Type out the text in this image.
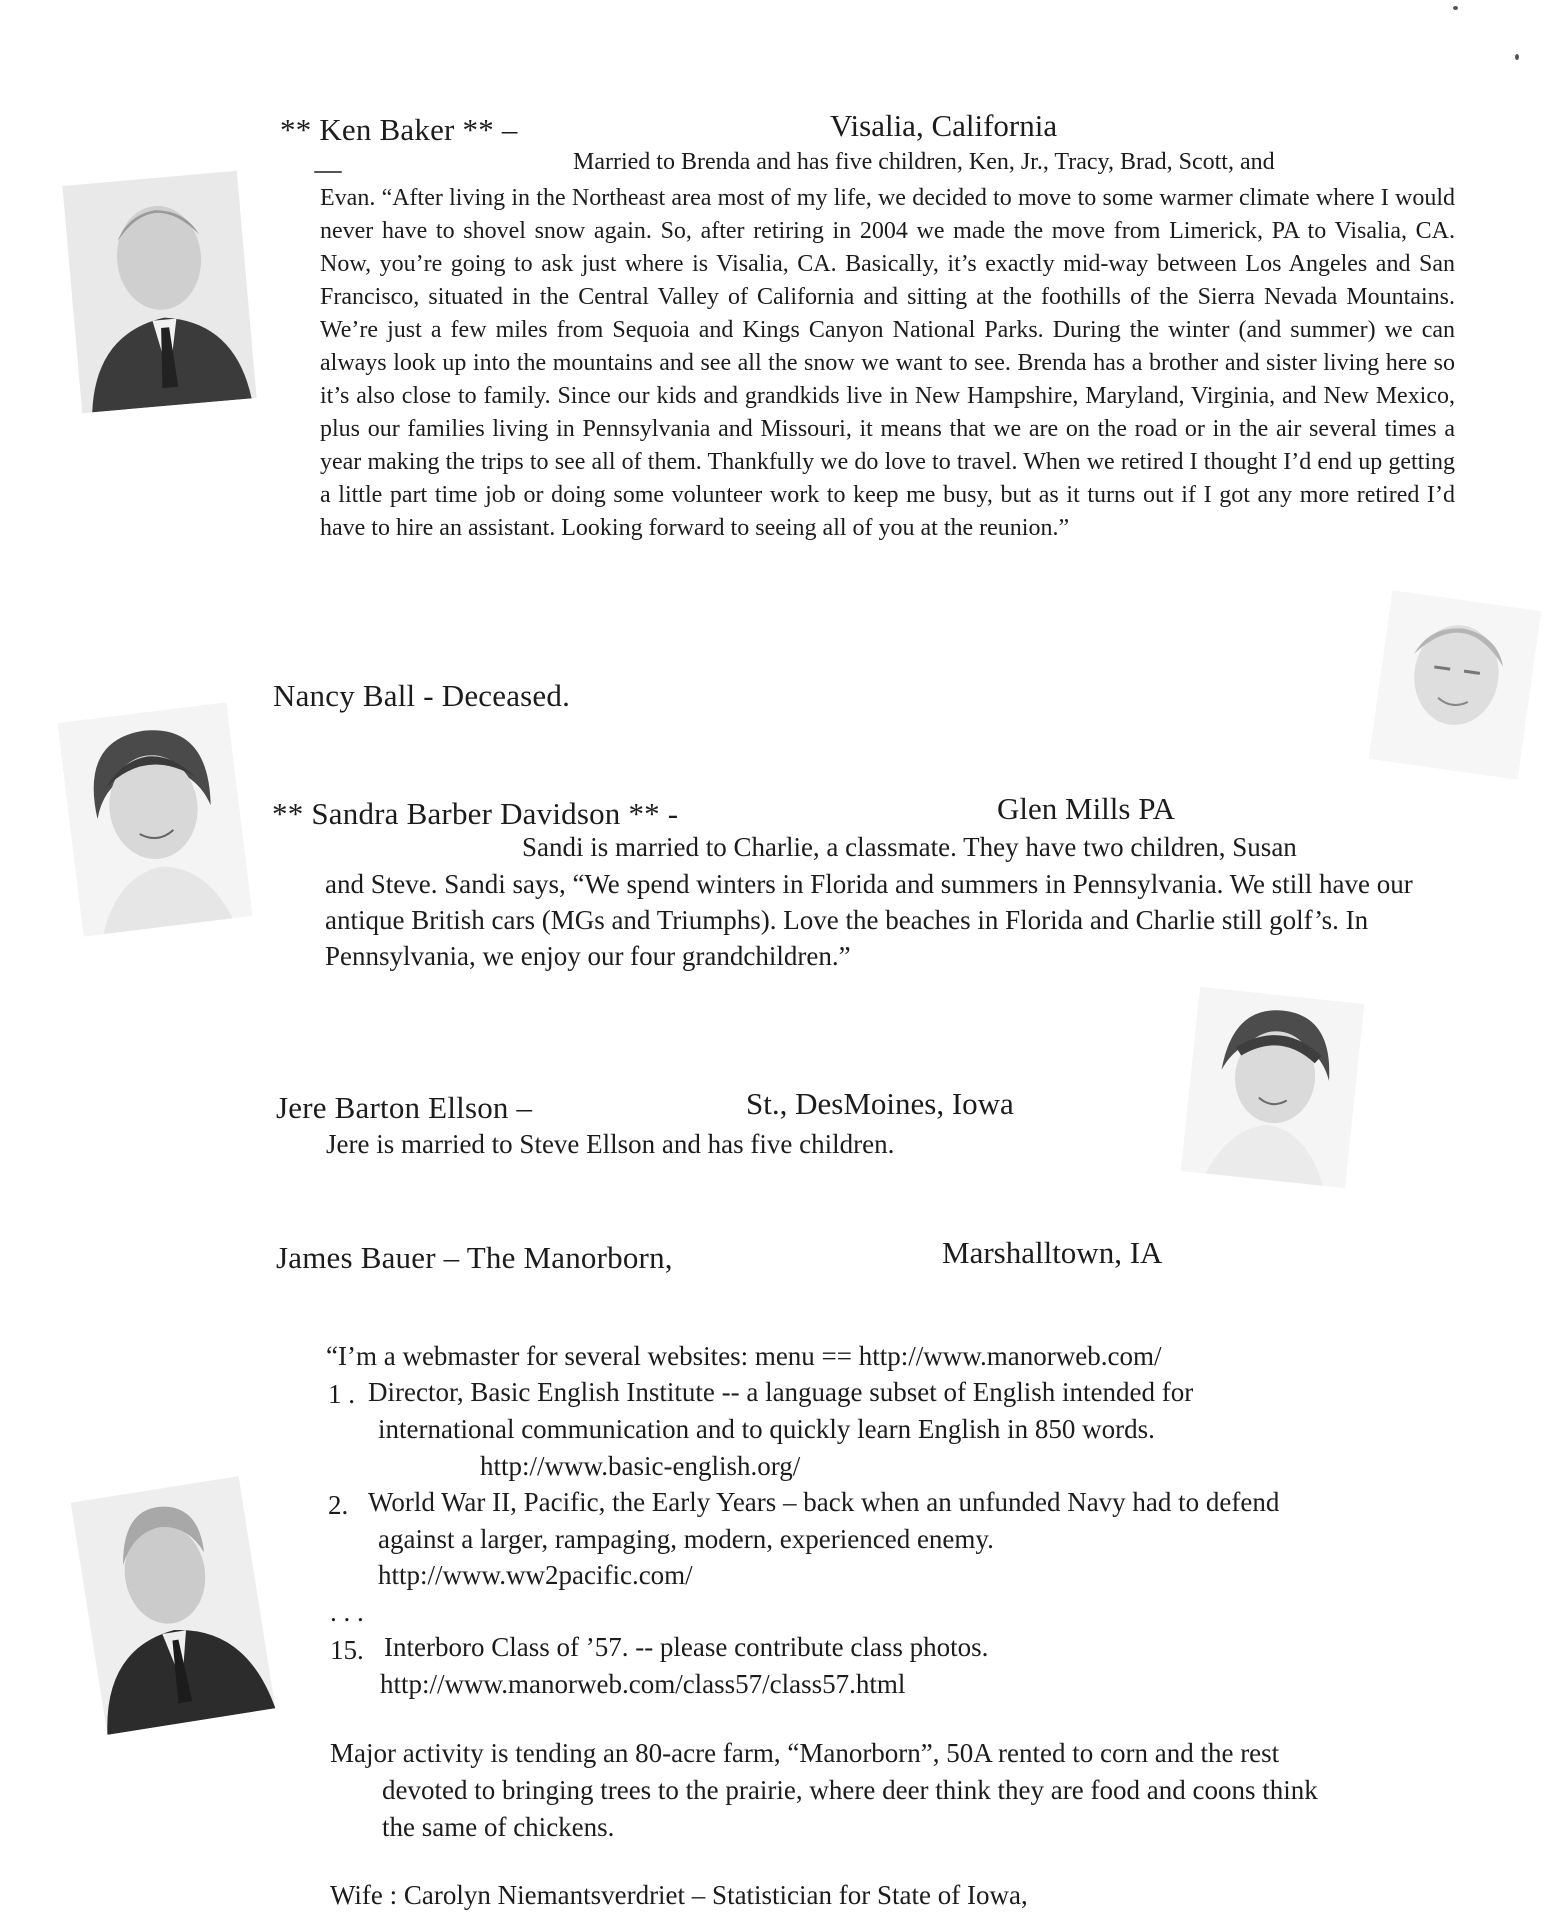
** Ken Baker ** –	Visalia, California
Married to Brenda and has five children, Ken, Jr., Tracy, Brad, Scott, and
Evan. “After living in the Northeast area most of my life, we decided to move to some warmer climate where I would never have to shovel snow again. So, after retiring in 2004 we made the move from Limerick, PA to Visalia, CA. Now, you’re going to ask just where is Visalia, CA. Basically, it’s exactly mid-way between Los Angeles and San Francisco, situated in the Central Valley of California and sitting at the foothills of the Sierra Nevada Mountains. We’re just a few miles from Sequoia and Kings Canyon National Parks. During the winter (and summer) we can always look up into the mountains and see all the snow we want to see. Brenda has a brother and sister living here so it’s also close to family. Since our kids and grandkids live in New Hampshire, Maryland, Virginia, and New Mexico, plus our families living in Pennsylvania and Missouri, it means that we are on the road or in the air several times a year making the trips to see all of them. Thankfully we do love to travel. When we retired I thought I’d end up getting a little part time job or doing some volunteer work to keep me busy, but as it turns out if I got any more retired I’d have to hire an assistant. Looking forward to seeing all of you at the reunion.”
Nancy Ball - Deceased.
** Sandra Barber Davidson ** -	Glen Mills PA
Sandi is married to Charlie, a classmate. They have two children, Susan
and Steve. Sandi says, “We spend winters in Florida and summers in Pennsylvania. We still have our antique British cars (MGs and Triumphs). Love the beaches in Florida and Charlie still golf’s. In Pennsylvania, we enjoy our four grandchildren.”
Jere Barton Ellson –	St., DesMoines, Iowa
Jere is married to Steve Ellson and has five children.
James Bauer – The Manorborn,	Marshalltown, IA
“I’m a webmaster for several websites: menu == http://www.manorweb.com/
1 . Director, Basic English Institute -- a language subset of English intended for
international communication and to quickly learn English in 850 words.
http://www.basic-english.org/
2. World War II, Pacific, the Early Years – back when an unfunded Navy had to defend
against a larger, rampaging, modern, experienced enemy.
http://www.ww2pacific.com/
. . .
15. Interboro Class of ’57. -- please contribute class photos.
http://www.manorweb.com/class57/class57.html
Major activity is tending an 80-acre farm, “Manorborn”, 50A rented to corn and the rest
devoted to bringing trees to the prairie, where deer think they are food and coons think
the same of chickens.
Wife : Carolyn Niemantsverdriet – Statistician for State of Iowa,
